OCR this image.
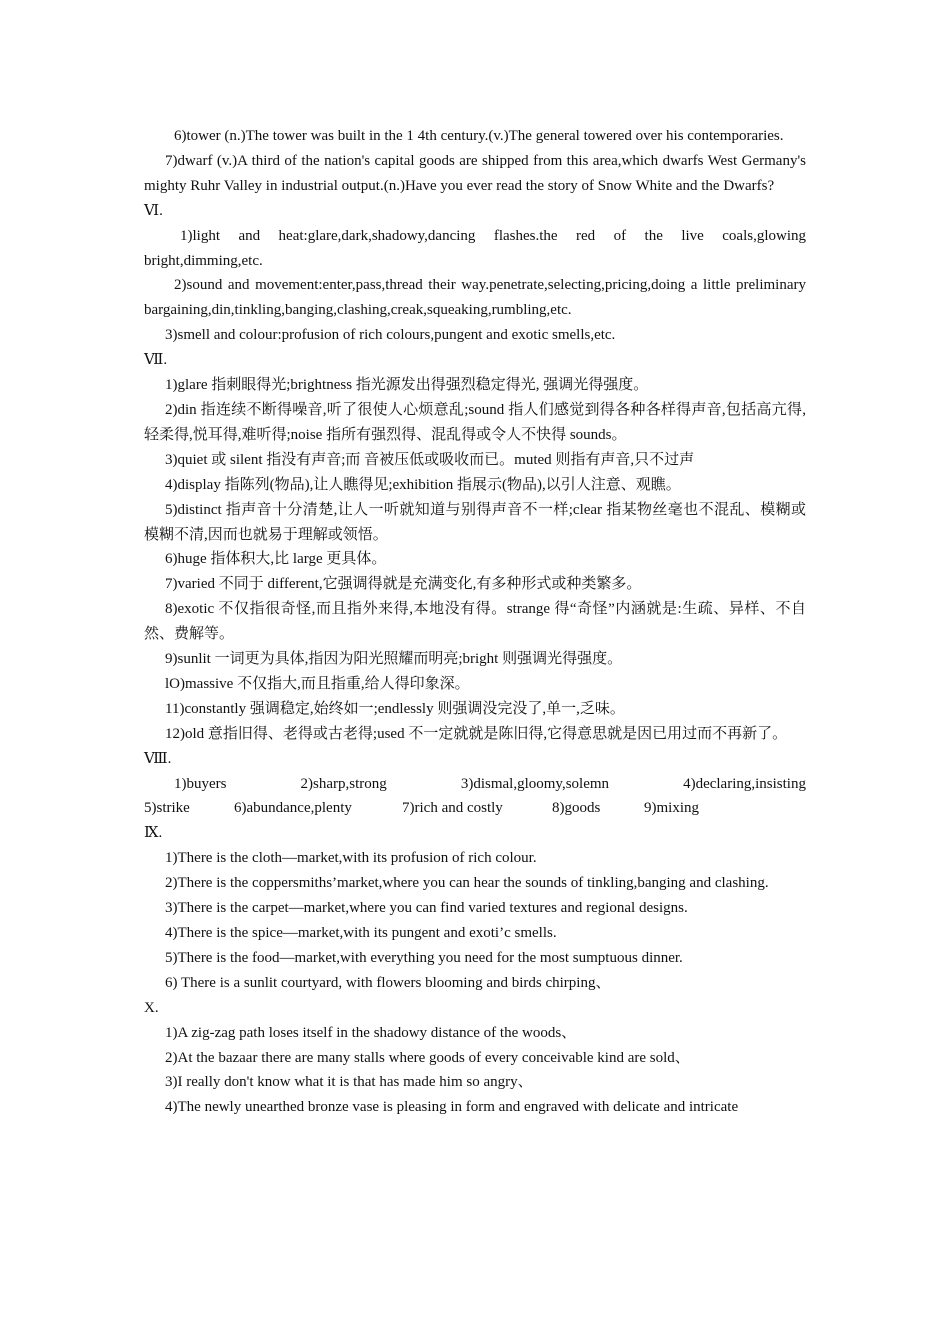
6)tower (n.)The tower was built in the 1 4th century.(v.)The general towered over his contemporaries.

7)dwarf (v.)A third of the nation's capital goods are shipped from this area,which dwarfs West Germany's mighty Ruhr Valley in industrial output.(n.)Have you ever read the story of Snow White and the Dwarfs?

Ⅵ.

1)light and heat:glare,dark,shadowy,dancing flashes.the red of the live coals,glowing bright,dimming,etc.

2)sound and movement:enter,pass,thread their way.penetrate,selecting,pricing,doing a little preliminary bargaining,din,tinkling,banging,clashing,creak,squeaking,rumbling,etc.

3)smell and colour:profusion of rich colours,pungent and exotic smells,etc.

Ⅶ.

1)glare 指刺眼得光;brightness 指光源发出得强烈稳定得光, 强调光得强度。

2)din 指连续不断得噪音,听了很使人心烦意乱;sound 指人们感觉到得各种各样得声音,包括高亢得,轻柔得,悦耳得,难听得;noise 指所有强烈得、混乱得或令人不快得 sounds。

3)quiet 或 silent 指没有声音;而 音被压低或吸收而已。muted 则指有声音,只不过声

4)display 指陈列(物品),让人瞧得见;exhibition 指展示(物品),以引人注意、观瞧。

5)distinct 指声音十分清楚,让人一听就知道与别得声音不一样;clear 指某物丝毫也不混乱、模糊或模糊不清,因而也就易于理解或领悟。

6)huge 指体积大,比 large 更具体。

7)varied 不同于 different,它强调得就是充满变化,有多种形式或种类繁多。

8)exotic 不仅指很奇怪,而且指外来得,本地没有得。strange 得“奇怪”内涵就是:生疏、异样、不自然、费解等。

9)sunlit 一词更为具体,指因为阳光照耀而明亮;bright 则强调光得强度。

lO)massive 不仅指大,而且指重,给人得印象深。

11)constantly 强调稳定,始终如一;endlessly 则强调没完没了,单一,乏味。

12)old 意指旧得、老得或古老得;used 不一定就就是陈旧得,它得意思就是因已用过而不再新了。

Ⅷ.

1)buyers	2)sharp,strong	3)dismal,gloomy,solemn	4)declaring,insisting
5)strike	6)abundance,plenty	7)rich and costly	8)goods	9)mixing

Ⅸ.

1)There is the cloth—market,with its profusion of rich colour.

2)There is the coppersmiths’market,where you can hear the sounds of tinkling,banging and clashing.

3)There is the carpet—market,where you can find varied textures and regional designs.

4)There is the spice—market,with its pungent and exoti’c smells.

5)There is the food—market,with everything you need for the most sumptuous dinner.

6) There is a sunlit courtyard, with flowers blooming and birds chirping、

X.

1)A zig-zag path loses itself in the shadowy distance of the woods、

2)At the bazaar there are many stalls where goods of every conceivable kind are sold、

3)I really don't know what it is that has made him so angry、

4)The newly unearthed bronze vase is pleasing in form and engraved with delicate and intricate
